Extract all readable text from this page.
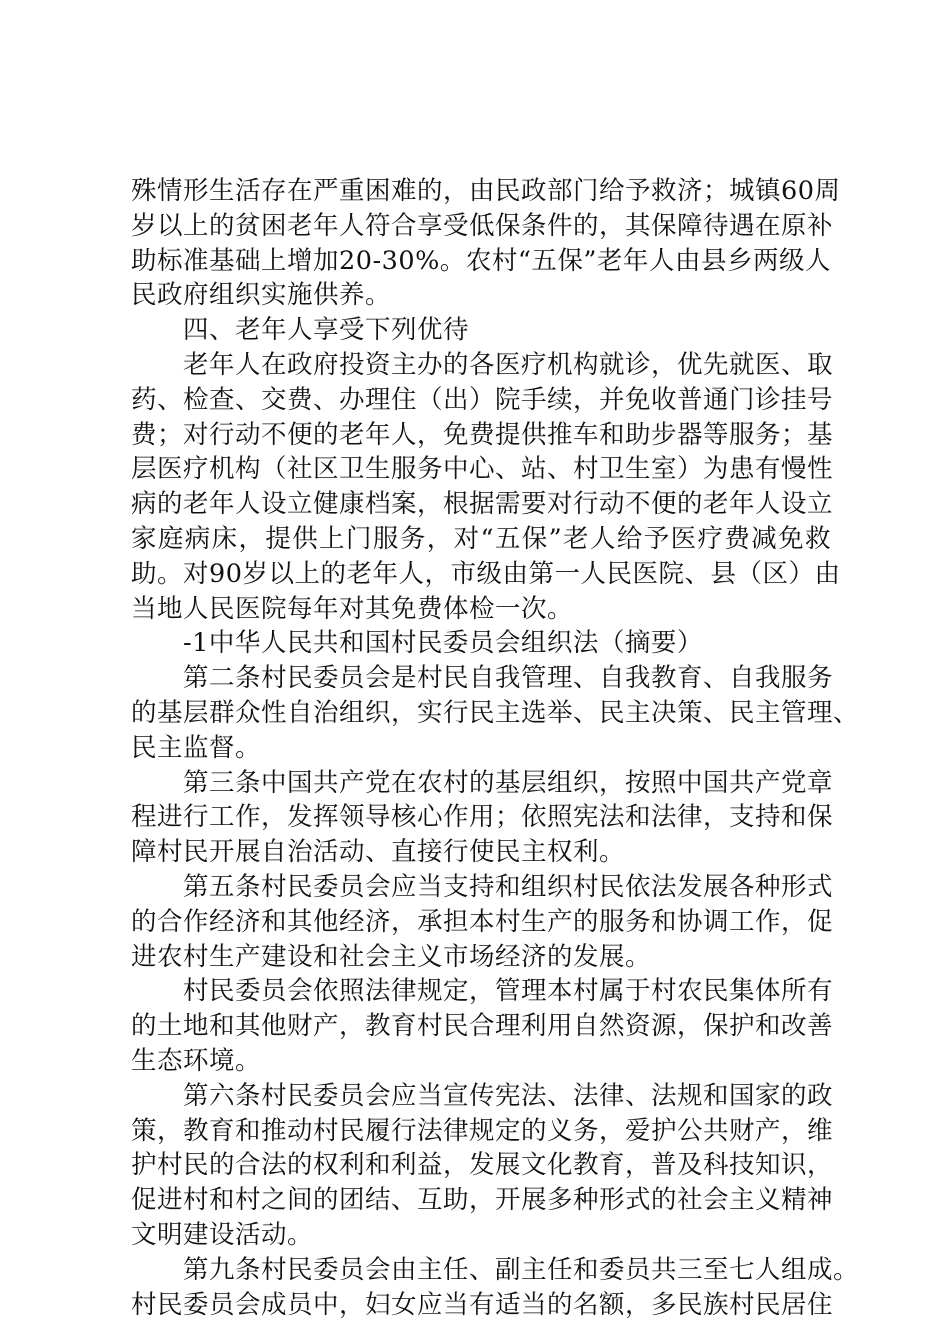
殊情形生活存在严重困难的，由民政部门给予救济；城镇60周
岁以上的贫困老年人符合享受低保条件的，其保障待遇在原补
助标准基础上增加20-30%。农村“五保”老年人由县乡两级人
民政府组织实施供养。
四、老年人享受下列优待
老年人在政府投资主办的各医疗机构就诊，优先就医、取
药、检查、交费、办理住（出）院手续，并免收普通门诊挂号
费；对行动不便的老年人，免费提供推车和助步器等服务；基
层医疗机构（社区卫生服务中心、站、村卫生室）为患有慢性
病的老年人设立健康档案，根据需要对行动不便的老年人设立
家庭病床，提供上门服务，对“五保”老人给予医疗费减免救
助。对90岁以上的老年人，市级由第一人民医院、县（区）由
当地人民医院每年对其免费体检一次。
-1中华人民共和国村民委员会组织法（摘要）
第二条村民委员会是村民自我管理、自我教育、自我服务
的基层群众性自治组织，实行民主选举、民主决策、民主管理、
民主监督。
第三条中国共产党在农村的基层组织，按照中国共产党章
程进行工作，发挥领导核心作用；依照宪法和法律，支持和保
障村民开展自治活动、直接行使民主权利。
第五条村民委员会应当支持和组织村民依法发展各种形式
的合作经济和其他经济，承担本村生产的服务和协调工作，促
进农村生产建设和社会主义市场经济的发展。
村民委员会依照法律规定，管理本村属于村农民集体所有
的土地和其他财产，教育村民合理利用自然资源，保护和改善
生态环境。
第六条村民委员会应当宣传宪法、法律、法规和国家的政
策，教育和推动村民履行法律规定的义务，爱护公共财产，维
护村民的合法的权利和利益，发展文化教育，普及科技知识，
促进村和村之间的团结、互助，开展多种形式的社会主义精神
文明建设活动。
第九条村民委员会由主任、副主任和委员共三至七人组成。
村民委员会成员中，妇女应当有适当的名额，多民族村民居住
